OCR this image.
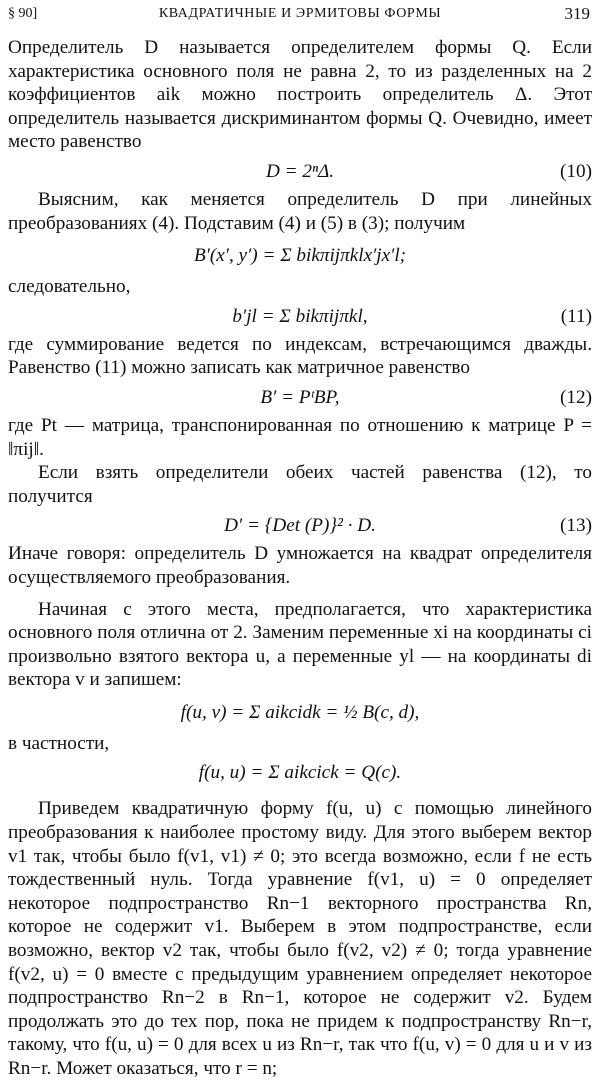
§ 90]	КВАДРАТИЧНЫЕ И ЭРМИТОВЫ ФОРМЫ	319

Определитель D называется определителем формы Q. Если характеристика основного поля не равна 2, то из разделенных на 2 коэффициентов aik можно построить определитель Δ. Этот определитель называется дискриминантом формы Q. Очевидно, имеет место равенство

D = 2ⁿΔ.	(10)

Выясним, как меняется определитель D при линейных преобразованиях (4). Подставим (4) и (5) в (3); получим

B′(x′, y′) = Σ bikπijπklx′jx′l;

следовательно,

b′jl = Σ bikπijπkl,	(11)

где суммирование ведется по индексам, встречающимся дважды. Равенство (11) можно записать как матричное равенство

B′ = PᵗBP,	(12)

где Pt — матрица, транспонированная по отношению к матрице P = ‖πij‖.

Если взять определители обеих частей равенства (12), то получится

D′ = {Det (P)}² · D.	(13)

Иначе говоря: определитель D умножается на квадрат определителя осуществляемого преобразования.

Начиная с этого места, предполагается, что характеристика основного поля отлична от 2. Заменим переменные xi на координаты ci произвольно взятого вектора u, а переменные yl — на координаты di вектора v и запишем:

f(u, v) = Σ aikcidk = ½ B(c, d),

в частности,

f(u, u) = Σ aikcick = Q(c).

Приведем квадратичную форму f(u, u) с помощью линейного преобразования к наиболее простому виду. Для этого выберем вектор v1 так, чтобы было f(v1, v1) ≠ 0; это всегда возможно, если f не есть тождественный нуль. Тогда уравнение f(v1, u) = 0 определяет некоторое подпространство Rn−1 векторного пространства Rn, которое не содержит v1. Выберем в этом подпространстве, если возможно, вектор v2 так, чтобы было f(v2, v2) ≠ 0; тогда уравнение f(v2, u) = 0 вместе с предыдущим уравнением определяет некоторое подпространство Rn−2 в Rn−1, которое не содержит v2. Будем продолжать это до тех пор, пока не придем к подпространству Rn−r, такому, что f(u, u) = 0 для всех u из Rn−r, так что f(u, v) = 0 для u и v из Rn−r. Может оказаться, что r = n;
